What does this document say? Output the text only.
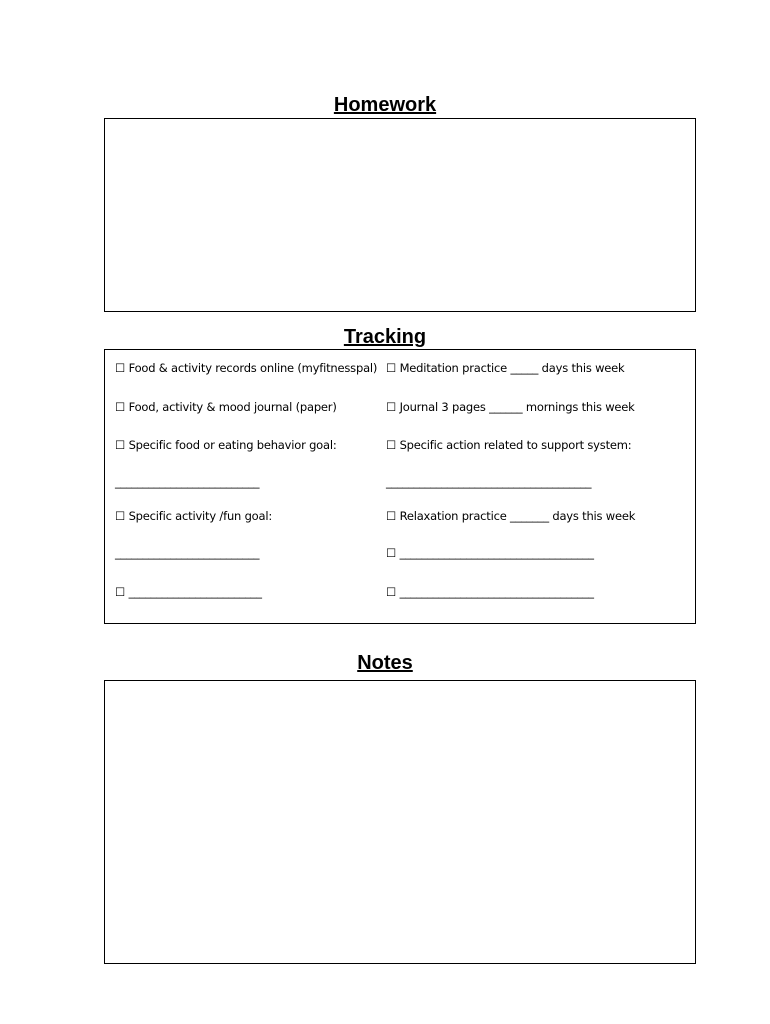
Homework
Tracking
☐ Food & activity records online (myfitnesspal) ☐ Meditation practice _____ days this week
☐ Food, activity & mood journal (paper)	☐ Journal 3 pages ______ mornings this week
☐ Specific food or eating behavior goal:	☐ Specific action related to support system:
__________________________	_____________________________________
☐ Specific activity /fun goal:	☐ Relaxation practice _______ days this week
__________________________	☐ ___________________________________
☐ ________________________	☐ ___________________________________
Notes
